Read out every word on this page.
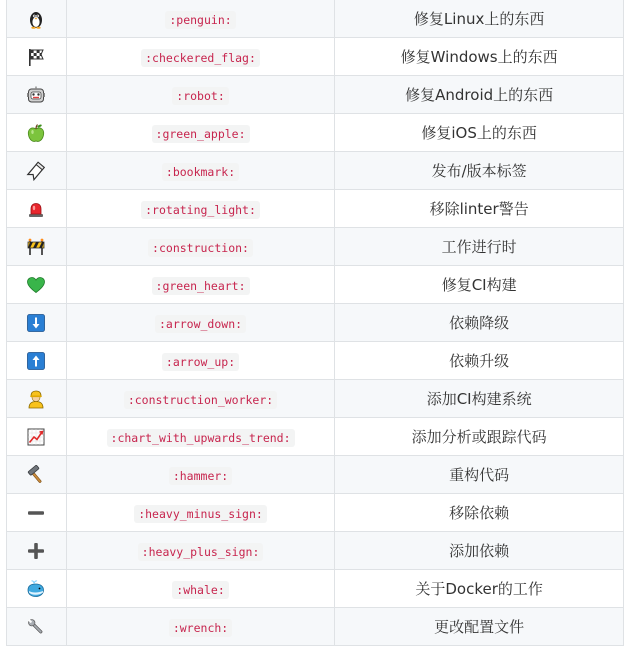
	:penguin:	修复Linux上的东西

	:checkered_flag:	修复Windows上的东西

	:robot:	修复Android上的东西

	:green_apple:	修复iOS上的东西

	:bookmark:	发布/版本标签

	:rotating_light:	移除linter警告

	:construction:	工作进行时

	:green_heart:	修复CI构建

	:arrow_down:	依赖降级

	:arrow_up:	依赖升级

	:construction_worker:	添加CI构建系统

	:chart_with_upwards_trend:	添加分析或跟踪代码

	:hammer:	重构代码

	:heavy_minus_sign:	移除依赖

	:heavy_plus_sign:	添加依赖

	:whale:	关于Docker的工作

	:wrench:	更改配置文件
